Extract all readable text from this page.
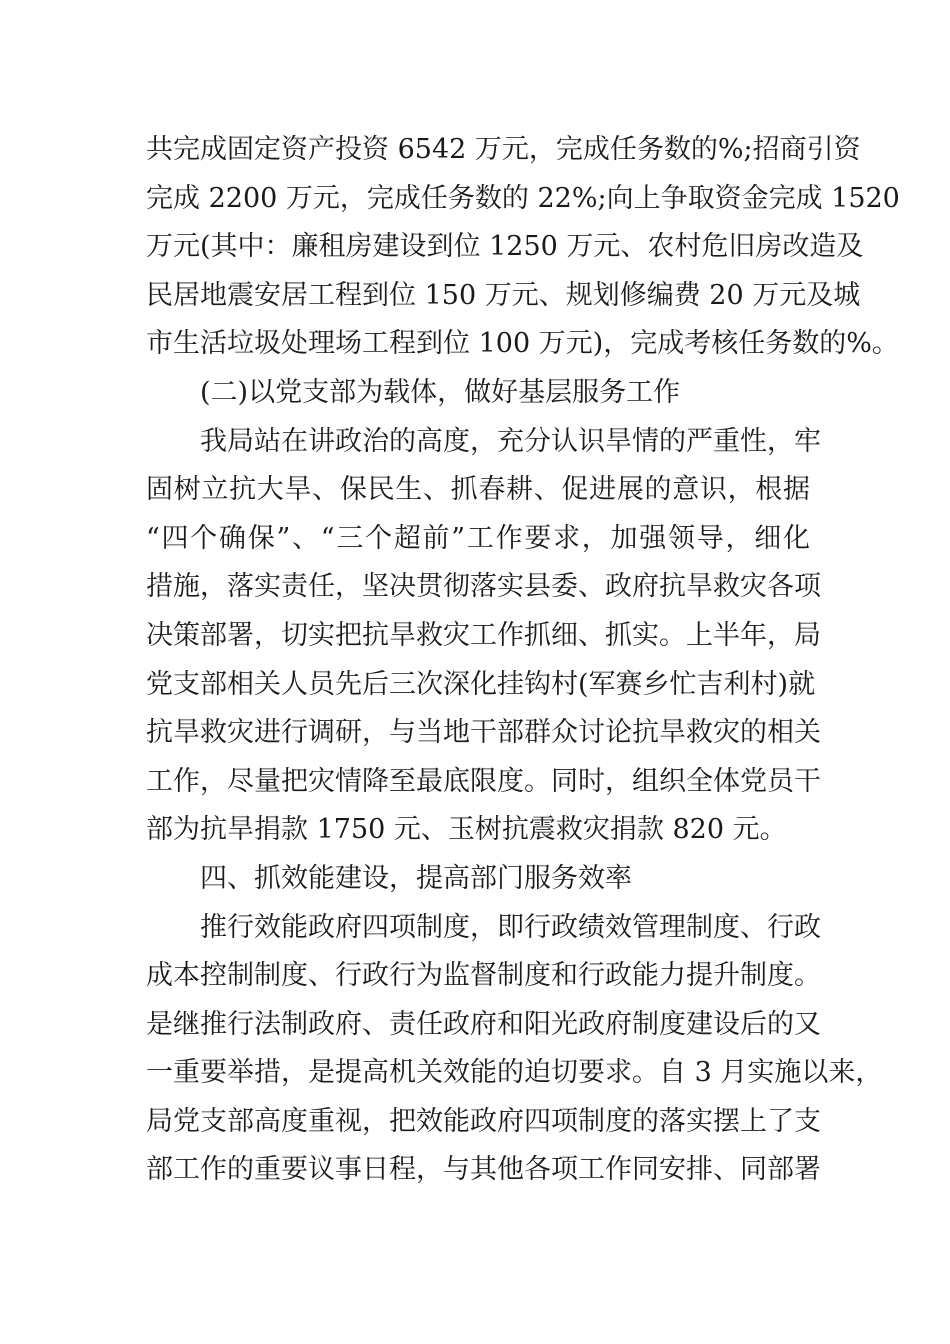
共完成固定资产投资 6542 万元，完成任务数的%;招商引资
完成 2200 万元，完成任务数的 22%;向上争取资金完成 1520
万元(其中：廉租房建设到位 1250 万元、农村危旧房改造及
民居地震安居工程到位 150 万元、规划修编费 20 万元及城
市生活垃圾处理场工程到位 100 万元)，完成考核任务数的%。
(二)以党支部为载体，做好基层服务工作
我局站在讲政治的高度，充分认识旱情的严重性，牢
固树立抗大旱、保民生、抓春耕、促进展的意识，根据
“四个确保”、“三个超前”工作要求，加强领导，细化
措施，落实责任，坚决贯彻落实县委、政府抗旱救灾各项
决策部署，切实把抗旱救灾工作抓细、抓实。上半年，局
党支部相关人员先后三次深化挂钩村(军赛乡忙吉利村)就
抗旱救灾进行调研，与当地干部群众讨论抗旱救灾的相关
工作，尽量把灾情降至最底限度。同时，组织全体党员干
部为抗旱捐款 1750 元、玉树抗震救灾捐款 820 元。
四、抓效能建设，提高部门服务效率
推行效能政府四项制度，即行政绩效管理制度、行政
成本控制制度、行政行为监督制度和行政能力提升制度。
是继推行法制政府、责任政府和阳光政府制度建设后的又
一重要举措，是提高机关效能的迫切要求。自 3 月实施以来，
局党支部高度重视，把效能政府四项制度的落实摆上了支
部工作的重要议事日程，与其他各项工作同安排、同部署
